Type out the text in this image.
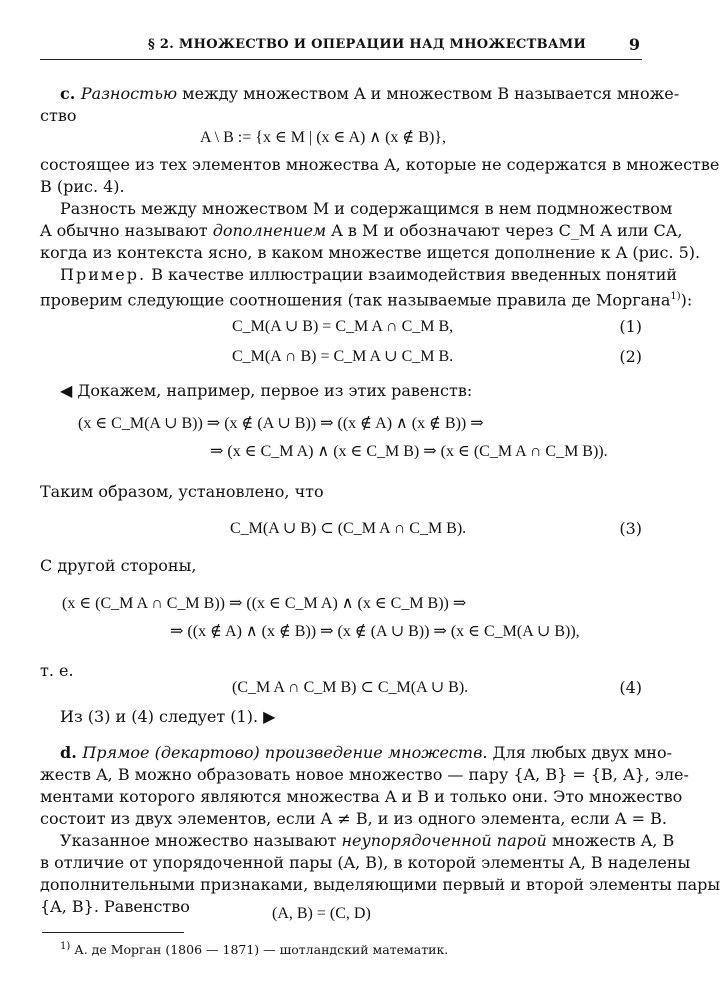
§ 2. МНОЖЕСТВО И ОПЕРАЦИИ НАД МНОЖЕСТВАМИ	9
c. Разностью между множеством A и множеством B называется множе-
ство
A \ B := {x ∈ M | (x ∈ A) ∧ (x ∉ B)},
состоящее из тех элементов множества A, которые не содержатся в множестве
B (рис. 4).
Разность между множеством M и содержащимся в нем подмножеством
A обычно называют дополнением A в M и обозначают через C_M A или CA,
когда из контекста ясно, в каком множестве ищется дополнение к A (рис. 5).
Пример. В качестве иллюстрации взаимодействия введенных понятий
проверим следующие соотношения (так называемые правила де Моргана$^{1)}$):
C_M(A ∪ B) = C_M A ∩ C_M B,	(1)
C_M(A ∩ B) = C_M A ∪ C_M B.	(2)
◀ Докажем, например, первое из этих равенств:
(x ∈ C_M(A ∪ B)) ⇒ (x ∉ (A ∪ B)) ⇒ ((x ∉ A) ∧ (x ∉ B)) ⇒
⇒ (x ∈ C_M A) ∧ (x ∈ C_M B) ⇒ (x ∈ (C_M A ∩ C_M B)).
Таким образом, установлено, что
C_M(A ∪ B) ⊂ (C_M A ∩ C_M B).	(3)
С другой стороны,
(x ∈ (C_M A ∩ C_M B)) ⇒ ((x ∈ C_M A) ∧ (x ∈ C_M B)) ⇒
⇒ ((x ∉ A) ∧ (x ∉ B)) ⇒ (x ∉ (A ∪ B)) ⇒ (x ∈ C_M(A ∪ B)),
т. е.
(C_M A ∩ C_M B) ⊂ C_M(A ∪ B).	(4)
Из (3) и (4) следует (1). ▶
d. Прямое (декартово) произведение множеств. Для любых двух мно-
жеств A, B можно образовать новое множество — пару {A, B} = {B, A}, эле-
ментами которого являются множества A и B и только они. Это множество
состоит из двух элементов, если A ≠ B, и из одного элемента, если A = B.
Указанное множество называют неупорядоченной парой множеств A, B
в отличие от упорядоченной пары (A, B), в которой элементы A, B наделены
дополнительными признаками, выделяющими первый и второй элементы пары
{A, B}. Равенство	(A, B) = (C, D)
$^{1)}$ А. де Морган (1806 — 1871) — шотландский математик.
